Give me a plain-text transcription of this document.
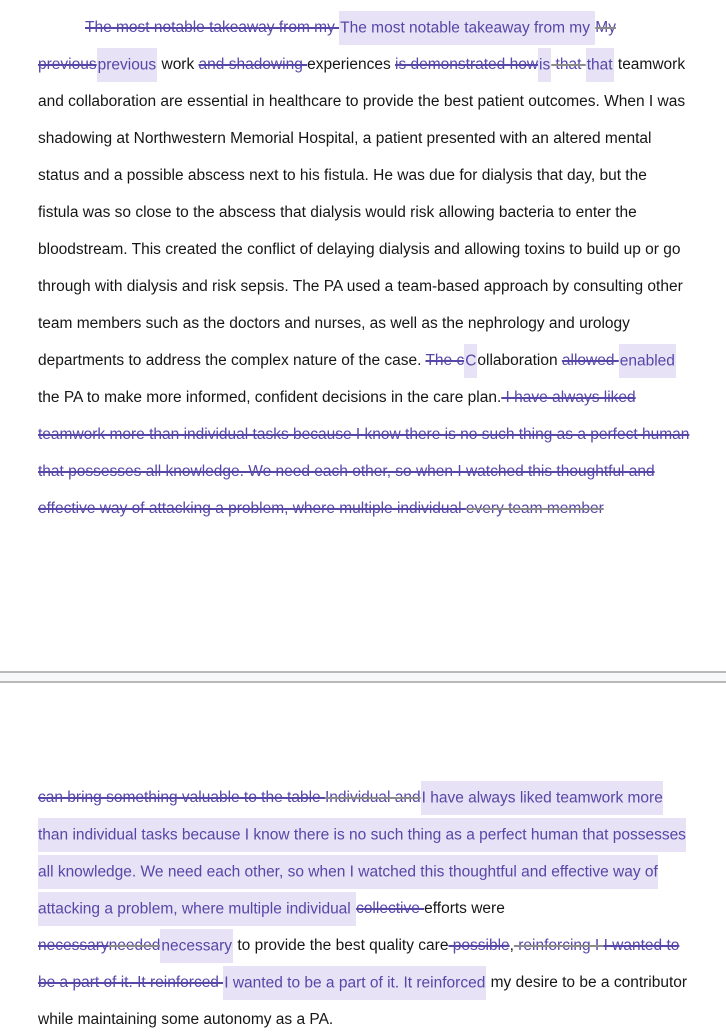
The most notable takeaway from my The most notable takeaway from my My previousprevious work and shadowing experiences is demonstrated howis that that teamwork and collaboration are essential in healthcare to provide the best patient outcomes. When I was shadowing at Northwestern Memorial Hospital, a patient presented with an altered mental status and a possible abscess next to his fistula. He was due for dialysis that day, but the fistula was so close to the abscess that dialysis would risk allowing bacteria to enter the bloodstream. This created the conflict of delaying dialysis and allowing toxins to build up or go through with dialysis and risk sepsis. The PA used a team-based approach by consulting other team members such as the doctors and nurses, as well as the nephrology and urology departments to address the complex nature of the case. The cCollaboration allowed enabled the PA to make more informed, confident decisions in the care plan. I have always liked teamwork more than individual tasks because I know there is no such thing as a perfect human that possesses all knowledge. We need each other, so when I watched this thoughtful and effective way of attacking a problem, where multiple individual every team member

can bring something valuable to the table Individual andI have always liked teamwork more than individual tasks because I know there is no such thing as a perfect human that possesses all knowledge. We need each other, so when I watched this thoughtful and effective way of attacking a problem, where multiple individual collective efforts were necessaryneedednecessary to provide the best quality care possible, reinforcing I I wanted to be a part of it. It reinforced I wanted to be a part of it. It reinforced my desire to be a contributor while maintaining some autonomy as a PA.
